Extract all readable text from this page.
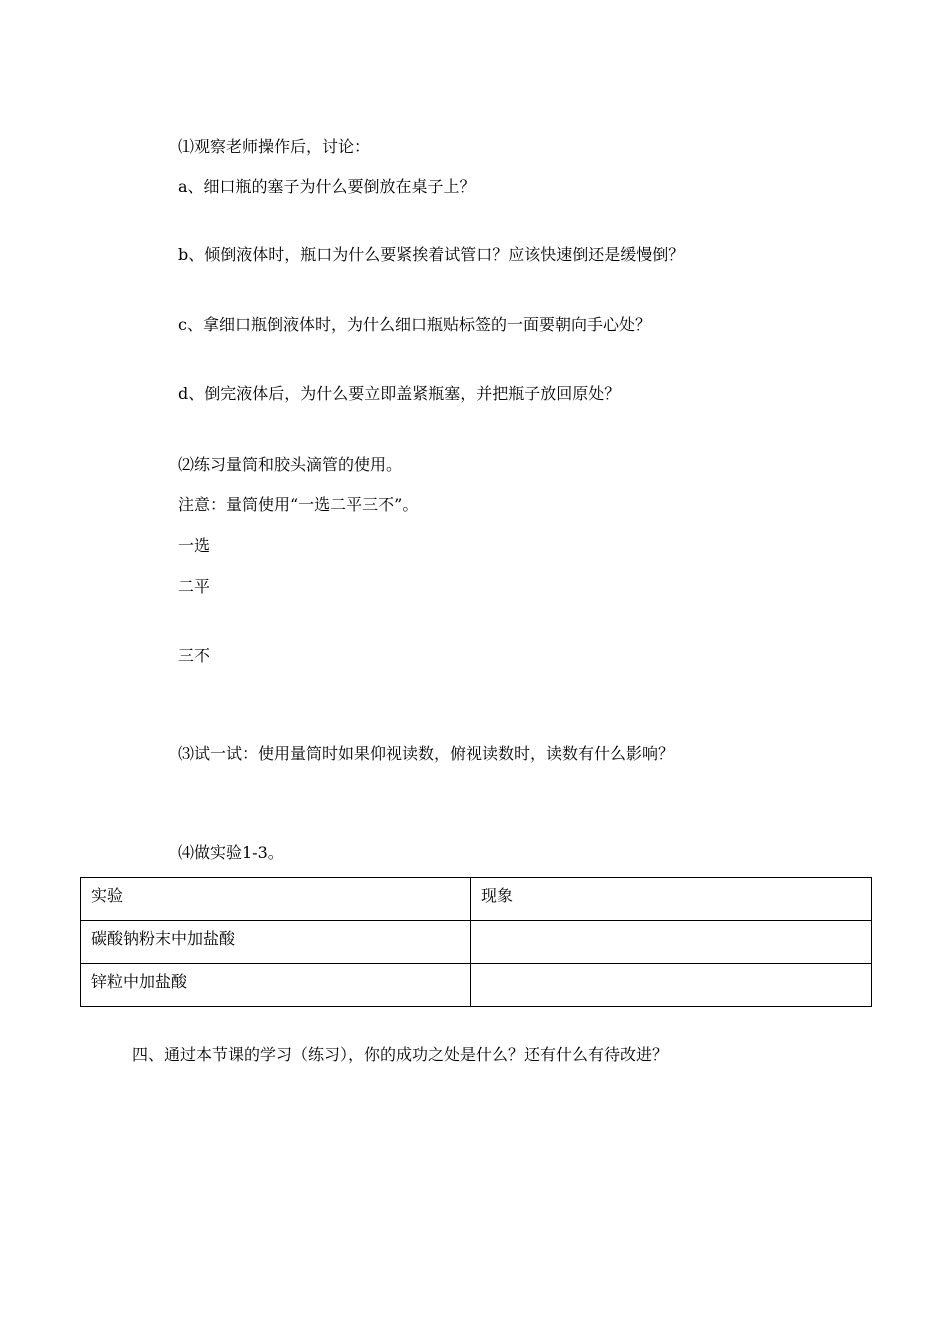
⑴观察老师操作后，讨论：
a、细口瓶的塞子为什么要倒放在桌子上？
b、倾倒液体时，瓶口为什么要紧挨着试管口？应该快速倒还是缓慢倒？
c、拿细口瓶倒液体时，为什么细口瓶贴标签的一面要朝向手心处？
d、倒完液体后，为什么要立即盖紧瓶塞，并把瓶子放回原处？
⑵练习量筒和胶头滴管的使用。
注意：量筒使用“一选二平三不”。
一选
二平
三不
⑶试一试：使用量筒时如果仰视读数，俯视读数时，读数有什么影响？
⑷做实验1-3。
实验	现象

碳酸钠粉末中加盐酸	

锌粒中加盐酸	

四、通过本节课的学习（练习），你的成功之处是什么？还有什么有待改进？
